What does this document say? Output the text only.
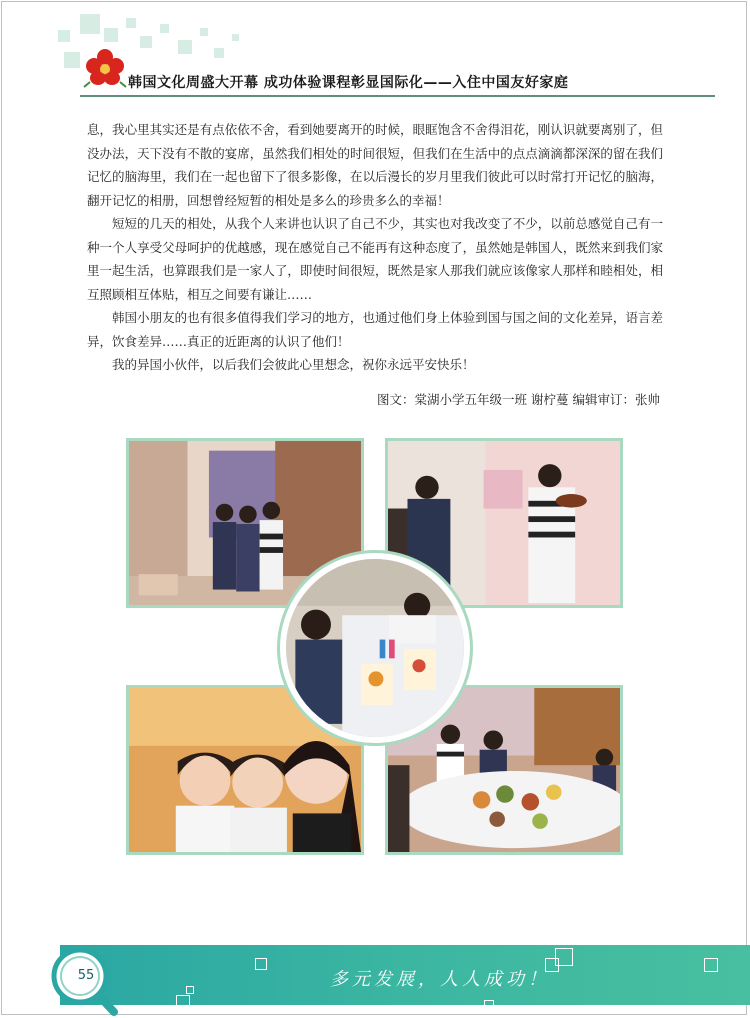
韩国文化周盛大开幕 成功体验课程彰显国际化——入住中国友好家庭

息，我心里其实还是有点依依不舍，看到她要离开的时候，眼眶饱含不舍得泪花，刚认识就要离别了，但没办法，天下没有不散的宴席，虽然我们相处的时间很短，但我们在生活中的点点滴滴都深深的留在我们记忆的脑海里，我们在一起也留下了很多影像，在以后漫长的岁月里我们彼此可以时常打开记忆的脑海，翻开记忆的相册，回想曾经短暂的相处是多么的珍贵多么的幸福！

短短的几天的相处，从我个人来讲也认识了自己不少，其实也对我改变了不少，以前总感觉自己有一种一个人享受父母呵护的优越感，现在感觉自己不能再有这种态度了，虽然她是韩国人，既然来到我们家里一起生活，也算跟我们是一家人了，即使时间很短，既然是家人那我们就应该像家人那样和睦相处，相互照顾相互体贴，相互之间要有谦让……

韩国小朋友的也有很多值得我们学习的地方，也通过他们身上体验到国与国之间的文化差异，语言差异，饮食差异……真正的近距离的认识了他们！

我的异国小伙伴，以后我们会彼此心里想念，祝你永远平安快乐！

图文：棠湖小学五年级一班 谢柠蔓 编辑审订：张帅
55	多元发展，人人成功！
